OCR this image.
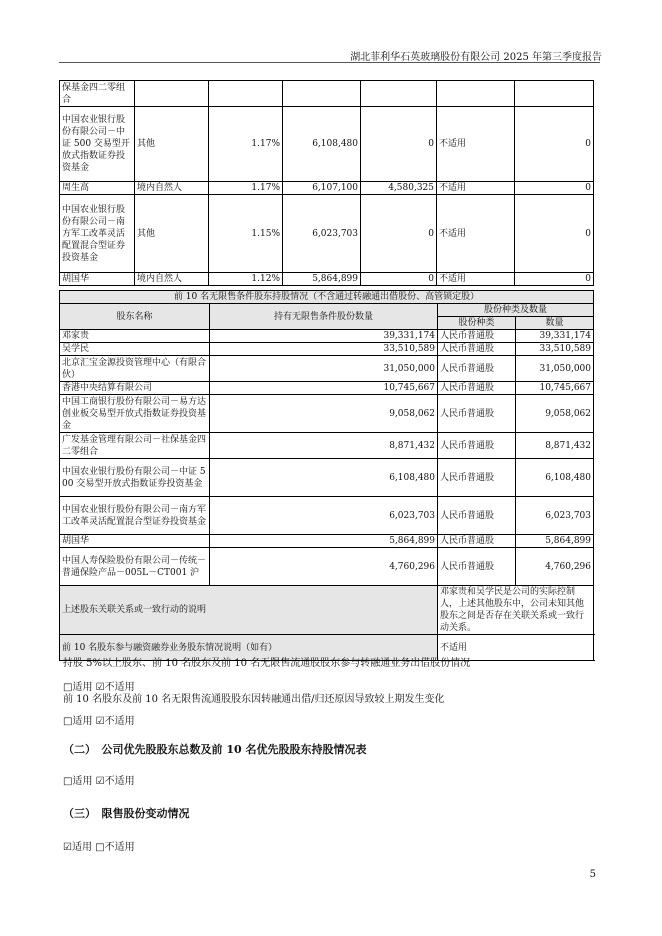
湖北菲利华石英玻璃股份有限公司 2025 年第三季度报告
保基金四二零组合						
中国农业银行股份有限公司－中证 500 交易型开放式指数证券投资基金	其他	1.17%	6,108,480	0	不适用	0
周生高	境内自然人	1.17%	6,107,100	4,580,325	不适用	0
中国农业银行股份有限公司－南方军工改革灵活配置混合型证券投资基金	其他	1.15%	6,023,703	0	不适用	0
胡国华	境内自然人	1.12%	5,864,899	0	不适用	0
前 10 名无限售条件股东持股情况（不含通过转融通出借股份、高管锁定股）			
股东名称	持有无限售条件股份数量	股份种类及数量	
		股份种类	数量
邓家贵	39,331,174	人民币普通股	39,331,174
吴学民	33,510,589	人民币普通股	33,510,589
北京汇宝金源投资管理中心（有限合伙）	31,050,000	人民币普通股	31,050,000
香港中央结算有限公司	10,745,667	人民币普通股	10,745,667
中国工商银行股份有限公司－易方达创业板交易型开放式指数证券投资基金	9,058,062	人民币普通股	9,058,062
广发基金管理有限公司－社保基金四二零组合	8,871,432	人民币普通股	8,871,432
中国农业银行股份有限公司－中证 500 交易型开放式指数证券投资基金	6,108,480	人民币普通股	6,108,480
中国农业银行股份有限公司－南方军工改革灵活配置混合型证券投资基金	6,023,703	人民币普通股	6,023,703
胡国华	5,864,899	人民币普通股	5,864,899
中国人寿保险股份有限公司－传统－普通保险产品－005L－CT001 沪	4,760,296	人民币普通股	4,760,296
上述股东关联关系或一致行动的说明		邓家贵和吴学民是公司的实际控制人，上述其他股东中，公司未知其他股东之间是否存在关联关系或一致行动关系。	
前 10 名股东参与融资融券业务股东情况说明（如有）		不适用	
持股 5%以上股东、前 10 名股东及前 10 名无限售流通股股东参与转融通业务出借股份情况
□适用 ☑不适用
前 10 名股东及前 10 名无限售流通股股东因转融通出借/归还原因导致较上期发生变化
□适用 ☑不适用
（二）　公司优先股股东总数及前 10 名优先股股东持股情况表
□适用 ☑不适用
（三）　限售股份变动情况
☑适用 □不适用
5
